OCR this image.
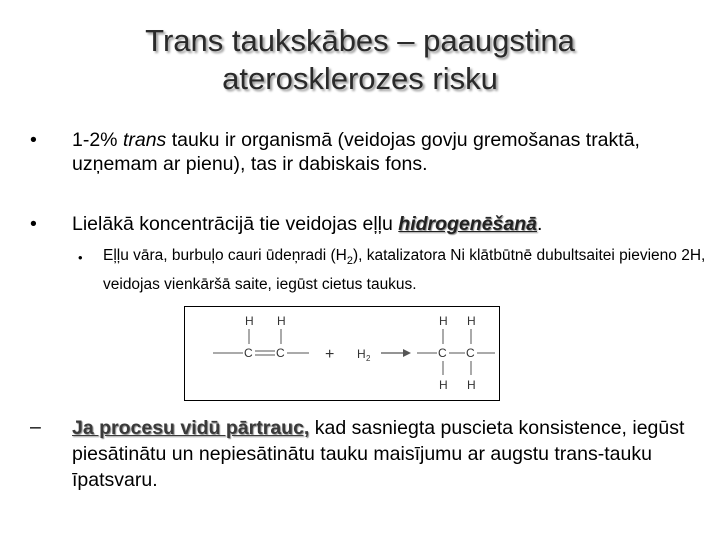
Trans taukskābes – paaugstina
aterosklerozes risku
• 1-2% trans tauku ir organismā (veidojas govju gremošanas traktā, uzņemam ar pienu), tas ir dabiskais fons.
• Lielākā koncentrācijā tie veidojas eļļu hidrogenēšanā.
• Eļļu vāra, burbuļo cauri ūdeņradi $(H_2)$, katalizatora Ni klātbūtnē dubultsaitei pievieno 2H, veidojas vienkāršā saite, iegūst cietus taukus.
H H
C C	+ H 2
H H
C C
H H
– Ja procesu vidū pārtrauc, kad sasniegta puscieta konsistence, iegūst piesātinātu un nepiesātinātu tauku maisījumu ar augstu trans-tauku īpatsvaru.
